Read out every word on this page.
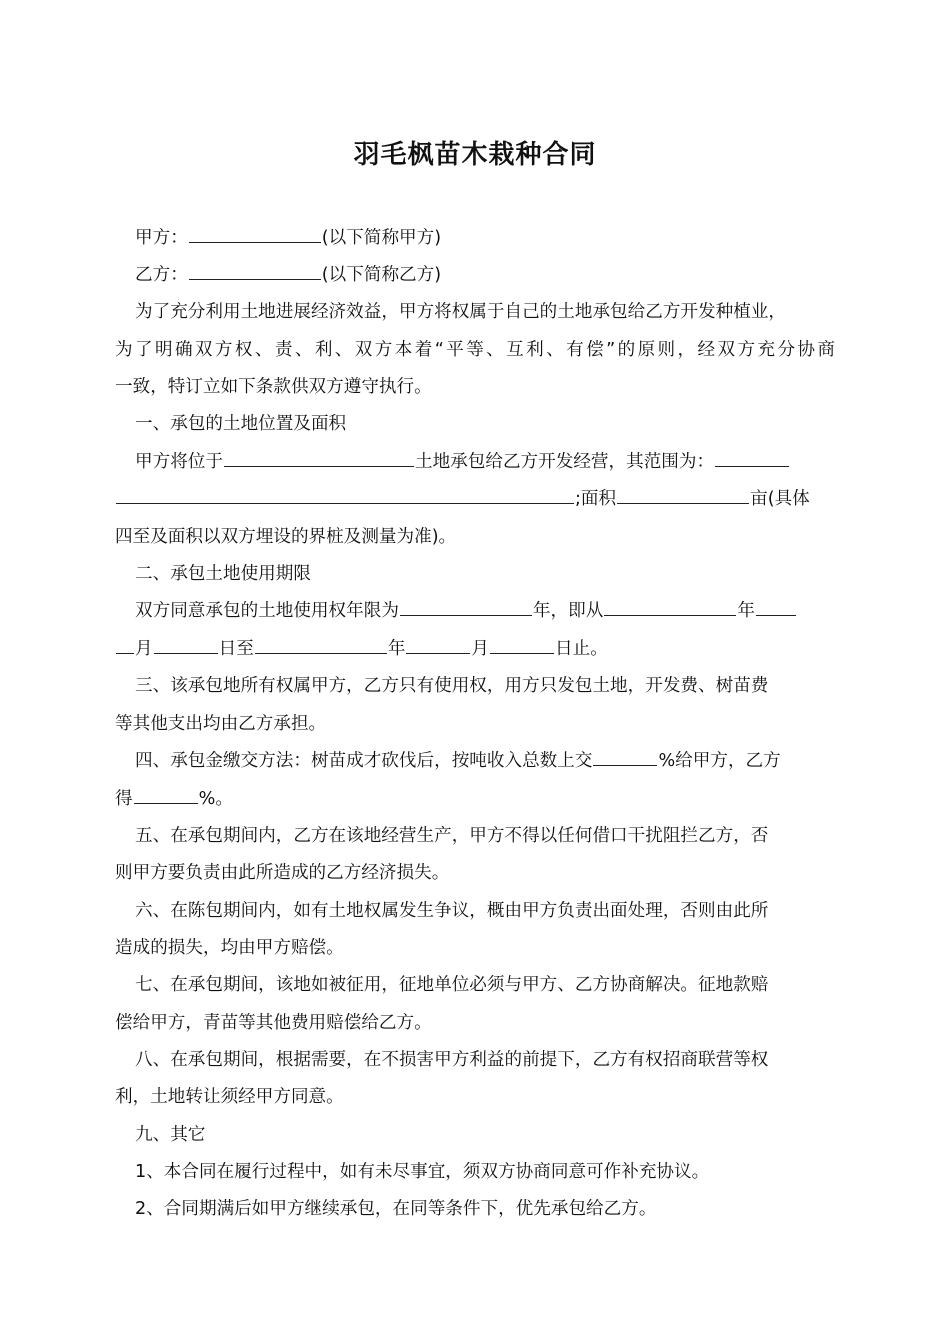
羽毛枫苗木栽种合同
甲方：	(以下简称甲方)
乙方：	(以下简称乙方)
为了充分利用土地进展经济效益，甲方将权属于自己的土地承包给乙方开发种植业，
为了明确双方权、责、利、双方本着“平等、互利、有偿”的原则，经双方充分协商
一致，特订立如下条款供双方遵守执行。
一、承包的土地位置及面积
甲方将位于	土地承包给乙方开发经营，其范围为：
;面积	亩(具体
四至及面积以双方埋设的界桩及测量为准)。
二、承包土地使用期限
双方同意承包的土地使用权年限为	年，即从	年
月	日至	年	月	日止。
三、该承包地所有权属甲方，乙方只有使用权，用方只发包土地，开发费、树苗费
等其他支出均由乙方承担。
四、承包金缴交方法：树苗成才砍伐后，按吨收入总数上交	%给甲方，乙方
得	%。
五、在承包期间内，乙方在该地经营生产，甲方不得以任何借口干扰阻拦乙方，否
则甲方要负责由此所造成的乙方经济损失。
六、在陈包期间内，如有土地权属发生争议，概由甲方负责出面处理，否则由此所
造成的损失，均由甲方赔偿。
七、在承包期间，该地如被征用，征地单位必须与甲方、乙方协商解决。征地款赔
偿给甲方，青苗等其他费用赔偿给乙方。
八、在承包期间，根据需要，在不损害甲方利益的前提下，乙方有权招商联营等权
利，土地转让须经甲方同意。
九、其它
1、本合同在履行过程中，如有未尽事宜，须双方协商同意可作补充协议。
2、合同期满后如甲方继续承包，在同等条件下，优先承包给乙方。
